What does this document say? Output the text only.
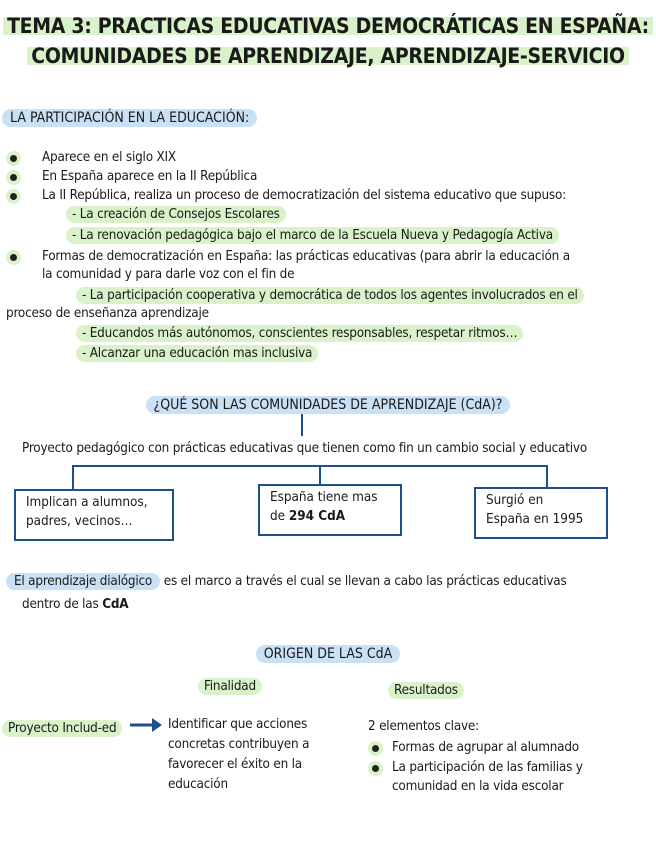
TEMA 3: PRACTICAS EDUCATIVAS DEMOCRÁTICAS EN ESPAÑA:
COMUNIDADES DE APRENDIZAJE, APRENDIZAJE-SERVICIO
LA PARTICIPACIÓN EN LA EDUCACIÓN:
Aparece en el siglo XIX
En España aparece en la II República
La II República, realiza un proceso de democratización del sistema educativo que supuso:
- La creación de Consejos Escolares
- La renovación pedagógica bajo el marco de la Escuela Nueva y Pedagogía Activa
Formas de democratización en España: las prácticas educativas (para abrir la educación a
la comunidad y para darle voz con el fin de
- La participación cooperativa y democrática de todos los agentes involucrados en el
proceso de enseñanza aprendizaje
- Educandos más autónomos, conscientes responsables, respetar ritmos…
- Alcanzar una educación mas inclusiva
¿QUÉ SON LAS COMUNIDADES DE APRENDIZAJE (CdA)?
Proyecto pedagógico con prácticas educativas que tienen como fin un cambio social y educativo
Implican a alumnos,
padres, vecinos…
España tiene mas
de 294 CdA
Surgió en
España en 1995
El aprendizaje dialógico es el marco a través el cual se llevan a cabo las prácticas educativas
dentro de las CdA
ORIGEN DE LAS CdA
Finalidad	Resultados
Proyecto Includ-ed	Identificar que acciones
concretas contribuyen a
favorecer el éxito en la
educación
2 elementos clave:
Formas de agrupar al alumnado
La participación de las familias y
comunidad en la vida escolar
